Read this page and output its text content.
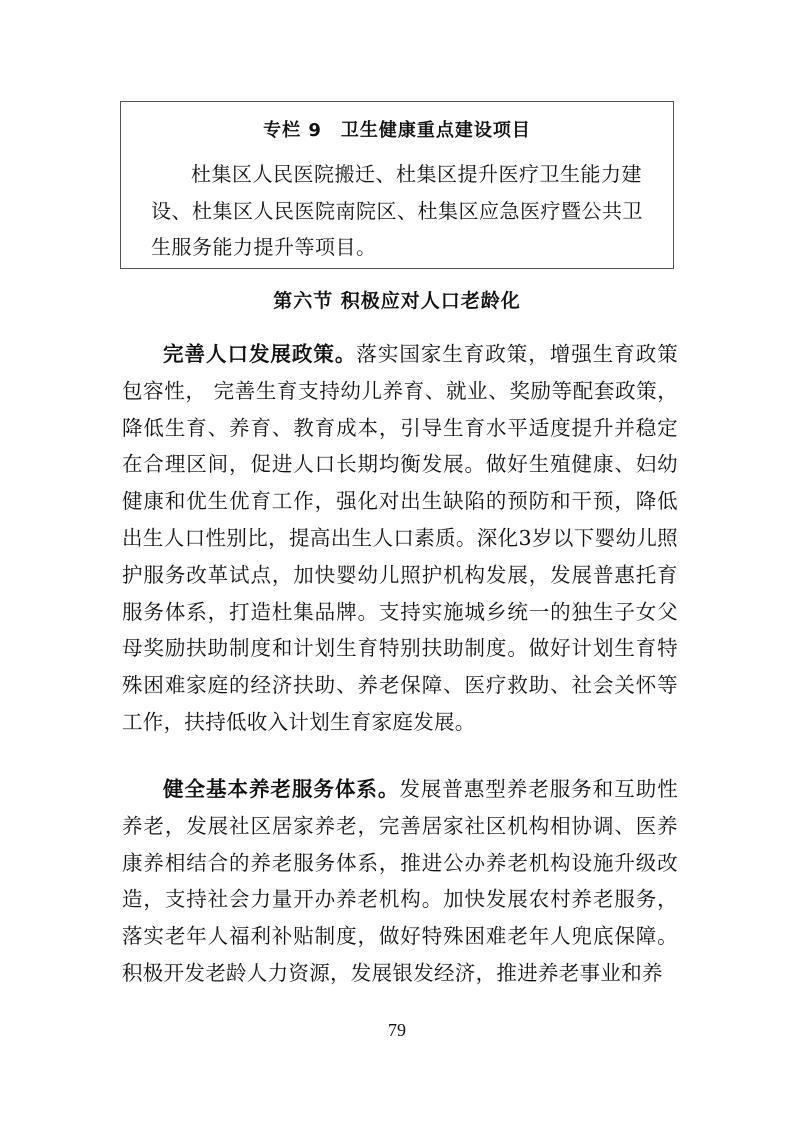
专栏 9　卫生健康重点建设项目
杜集区人民医院搬迁、杜集区提升医疗卫生能力建设、杜集区人民医院南院区、杜集区应急医疗暨公共卫生服务能力提升等项目。
第六节 积极应对人口老龄化
完善人口发展政策。落实国家生育政策，增强生育政策包容性， 完善生育支持幼儿养育、就业、奖励等配套政策，降低生育、养育、教育成本，引导生育水平适度提升并稳定在合理区间，促进人口长期均衡发展。做好生殖健康、妇幼健康和优生优育工作，强化对出生缺陷的预防和干预，降低出生人口性别比，提高出生人口素质。深化3岁以下婴幼儿照护服务改革试点，加快婴幼儿照护机构发展，发展普惠托育服务体系，打造杜集品牌。支持实施城乡统一的独生子女父母奖励扶助制度和计划生育特别扶助制度。做好计划生育特殊困难家庭的经济扶助、养老保障、医疗救助、社会关怀等工作，扶持低收入计划生育家庭发展。
健全基本养老服务体系。发展普惠型养老服务和互助性养老，发展社区居家养老，完善居家社区机构相协调、医养康养相结合的养老服务体系，推进公办养老机构设施升级改造，支持社会力量开办养老机构。加快发展农村养老服务，落实老年人福利补贴制度，做好特殊困难老年人兜底保障。积极开发老龄人力资源，发展银发经济，推进养老事业和养
79
